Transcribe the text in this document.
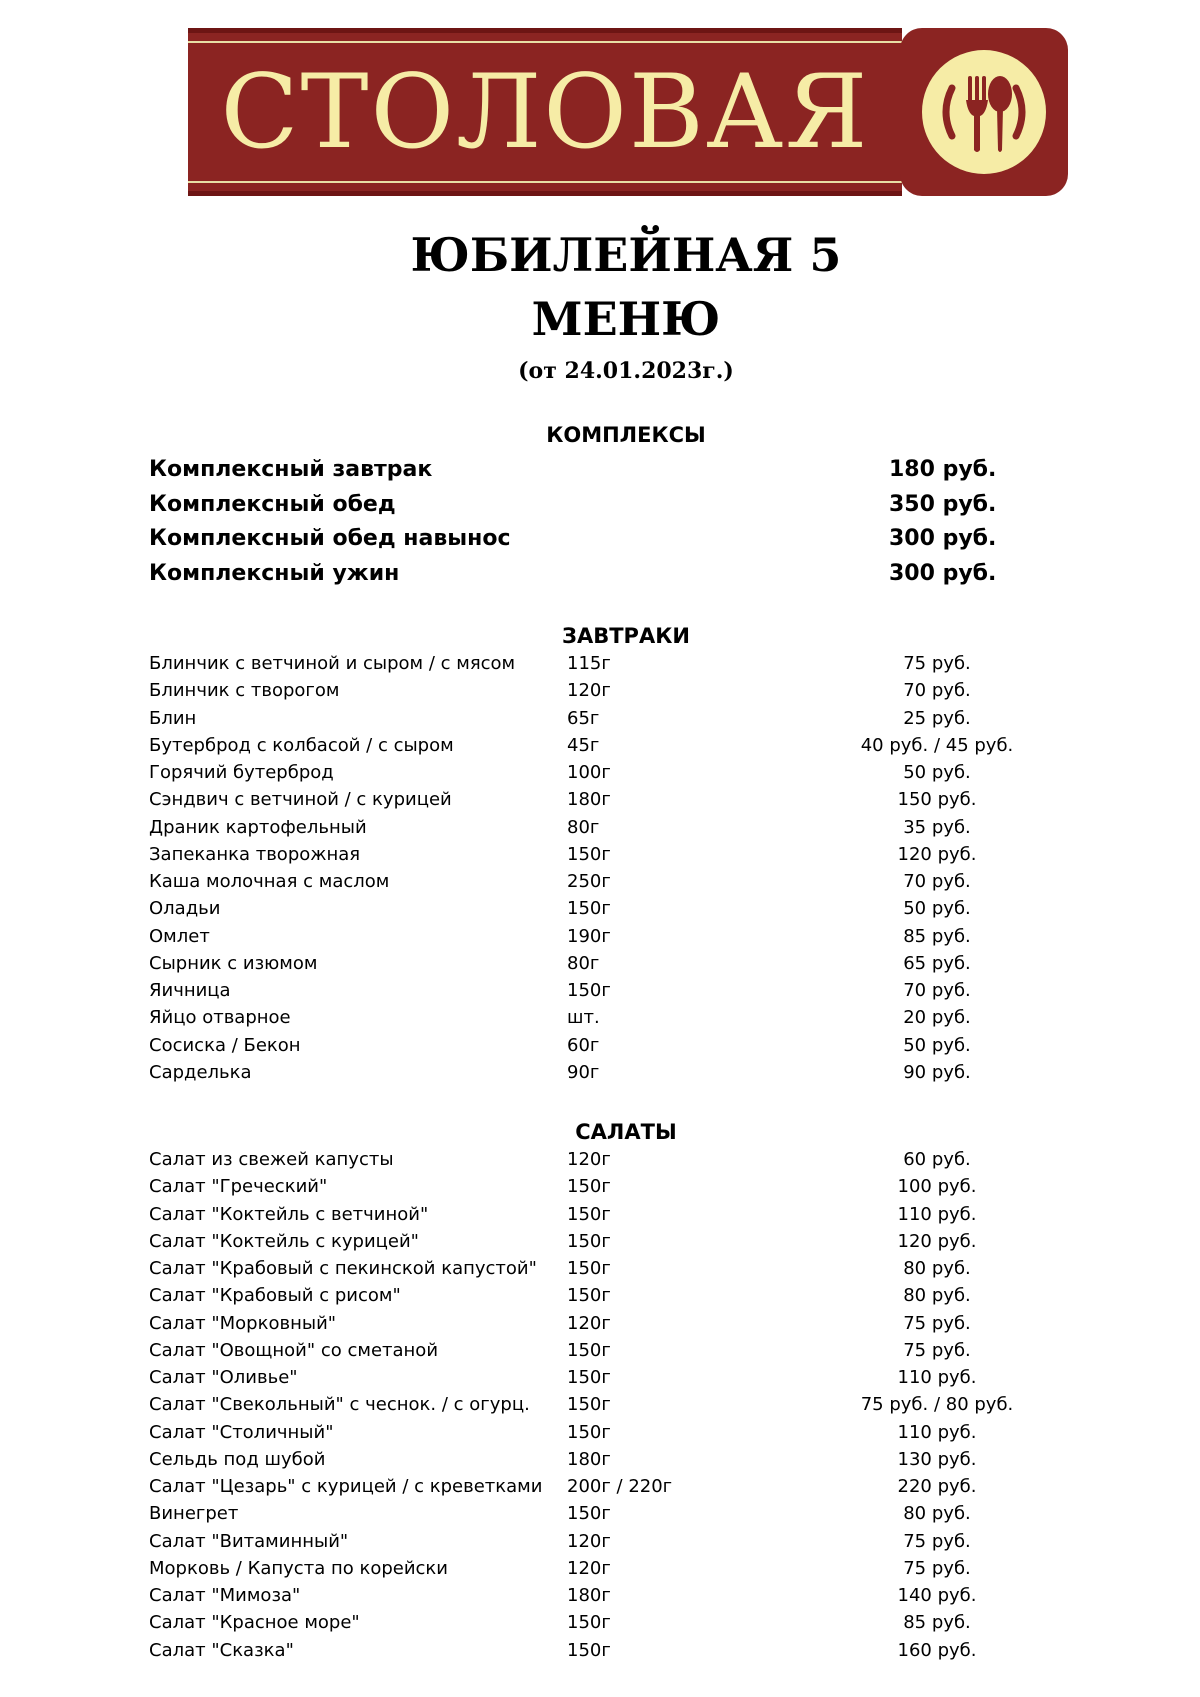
СТОЛОВАЯ
ЮБИЛЕЙНАЯ 5
МЕНЮ
(от 24.01.2023г.)
КОМПЛЕКСЫ
Комплексный завтрак	180 руб.
Комплексный обед	350 руб.
Комплексный обед навынос	300 руб.
Комплексный ужин	300 руб.
ЗАВТРАКИ
Блинчик с ветчиной и сыром / с мясом	115г	75 руб.
Блинчик с творогом	120г	70 руб.
Блин	65г	25 руб.
Бутерброд с колбасой / с сыром	45г	40 руб. / 45 руб.
Горячий бутерброд	100г	50 руб.
Сэндвич с ветчиной / с курицей	180г	150 руб.
Драник картофельный	80г	35 руб.
Запеканка творожная	150г	120 руб.
Каша молочная с маслом	250г	70 руб.
Оладьи	150г	50 руб.
Омлет	190г	85 руб.
Сырник с изюмом	80г	65 руб.
Яичница	150г	70 руб.
Яйцо отварное	шт.	20 руб.
Сосиска / Бекон	60г	50 руб.
Сарделька	90г	90 руб.
САЛАТЫ
Салат из свежей капусты	120г	60 руб.
Салат "Греческий"	150г	100 руб.
Салат "Коктейль с ветчиной"	150г	110 руб.
Салат "Коктейль с курицей"	150г	120 руб.
Салат "Крабовый с пекинской капустой" 150г	80 руб.
Салат "Крабовый с рисом"	150г	80 руб.
Салат "Морковный"	120г	75 руб.
Салат "Овощной" со сметаной	150г	75 руб.
Салат "Оливье"	150г	110 руб.
Салат "Свекольный" с чеснок. / с огурц. 150г	75 руб. / 80 руб.
Салат "Столичный"	150г	110 руб.
Сельдь под шубой	180г	130 руб.
Салат "Цезарь" с курицей / с креветками 200г / 220г	220 руб.
Винегрет	150г	80 руб.
Салат "Витаминный"	120г	75 руб.
Морковь / Капуста по корейски	120г	75 руб.
Салат "Мимоза"	180г	140 руб.
Салат "Красное море"	150г	85 руб.
Салат "Сказка"	150г	160 руб.
